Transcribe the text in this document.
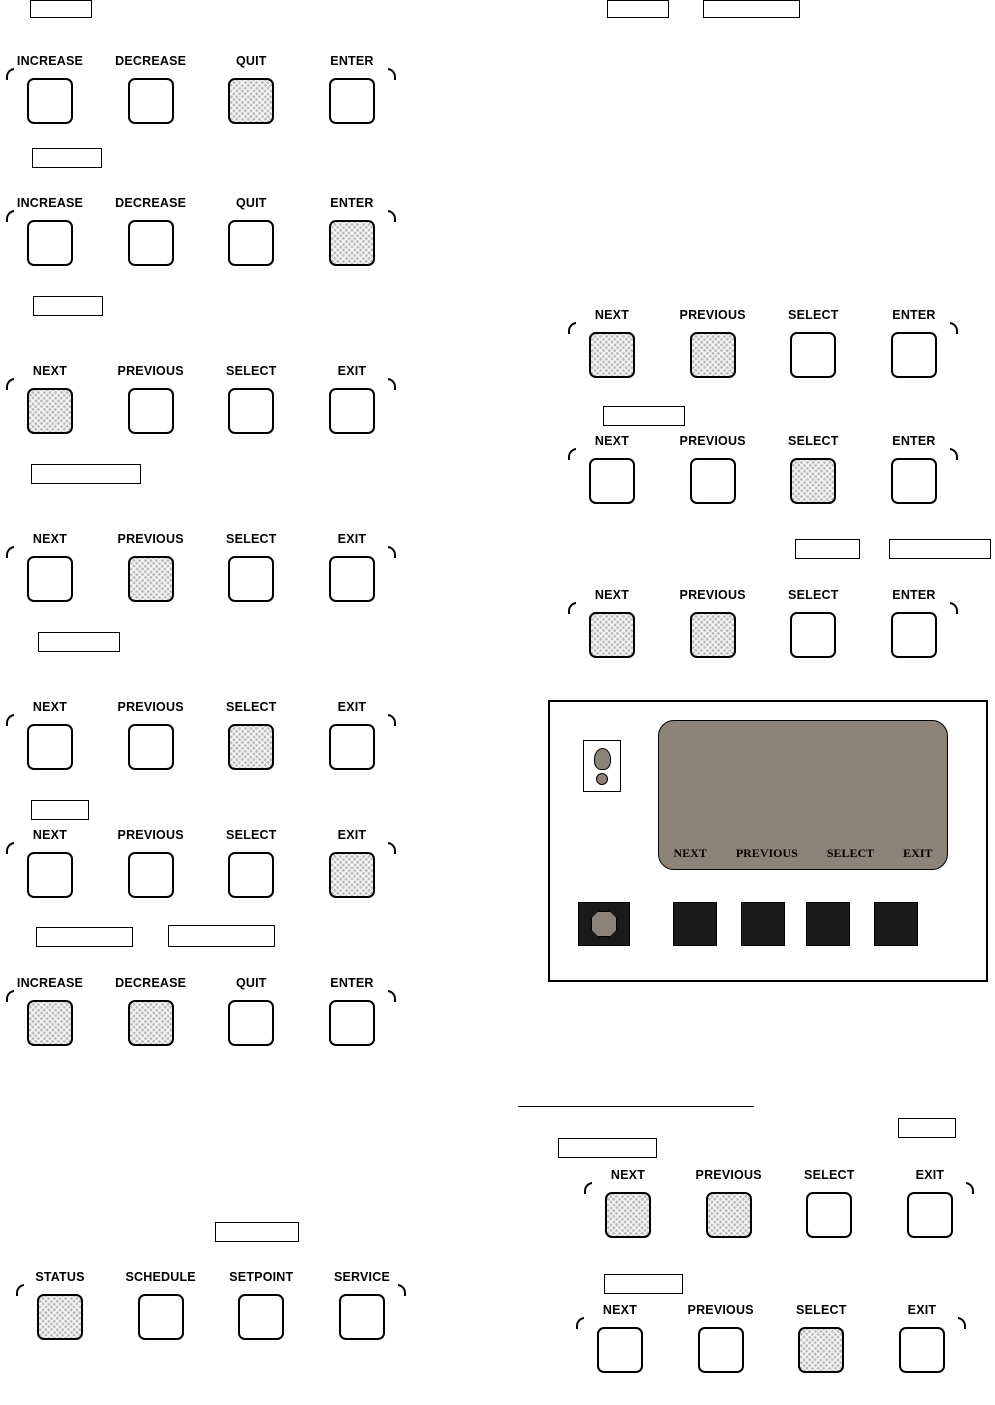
INCREASE	DECREASE	QUIT	ENTER
INCREASE	DECREASE	QUIT	ENTER
NEXT	PREVIOUS	SELECT	EXIT
NEXT	PREVIOUS	SELECT	EXIT
NEXT	PREVIOUS	SELECT	EXIT
NEXT	PREVIOUS	SELECT	EXIT
INCREASE	DECREASE	QUIT	ENTER
STATUS	SCHEDULE	SETPOINT	SERVICE
NEXT	PREVIOUS	SELECT	ENTER
NEXT	PREVIOUS	SELECT	ENTER
NEXT	PREVIOUS	SELECT	ENTER
NEXT PREVIOUS SELECT EXIT
NEXT	PREVIOUS	SELECT	EXIT
NEXT	PREVIOUS	SELECT	EXIT
